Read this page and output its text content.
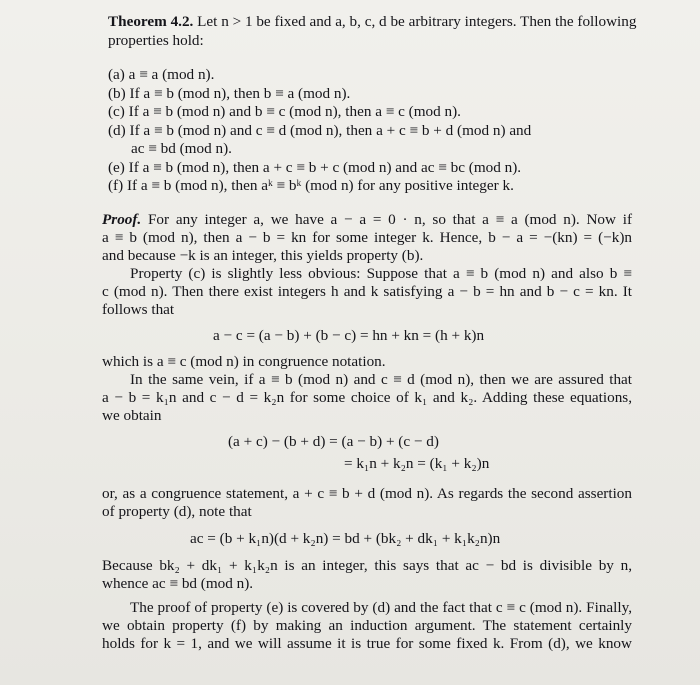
Theorem 4.2. Let n > 1 be fixed and a, b, c, d be arbitrary integers. Then the following
properties hold:
(a) a ≡ a (mod n).
(b) If a ≡ b (mod n), then b ≡ a (mod n).
(c) If a ≡ b (mod n) and b ≡ c (mod n), then a ≡ c (mod n).
(d) If a ≡ b (mod n) and c ≡ d (mod n), then a + c ≡ b + d (mod n) and
ac ≡ bd (mod n).
(e) If a ≡ b (mod n), then a + c ≡ b + c (mod n) and ac ≡ bc (mod n).
(f) If a ≡ b (mod n), then aᵏ ≡ bᵏ (mod n) for any positive integer k.
Proof. For any integer a, we have a − a = 0 · n, so that a ≡ a (mod n). Now if
a ≡ b (mod n), then a − b = kn for some integer k. Hence, b − a = −(kn) = (−k)n
and because −k is an integer, this yields property (b).
Property (c) is slightly less obvious: Suppose that a ≡ b (mod n) and also b ≡
c (mod n). Then there exist integers h and k satisfying a − b = hn and b − c = kn. It
follows that
a − c = (a − b) + (b − c) = hn + kn = (h + k)n
which is a ≡ c (mod n) in congruence notation.
In the same vein, if a ≡ b (mod n) and c ≡ d (mod n), then we are assured that
a − b = k₁n and c − d = k₂n for some choice of k₁ and k₂. Adding these equations,
we obtain
(a + c) − (b + d) = (a − b) + (c − d)
= k₁n + k₂n = (k₁ + k₂)n
or, as a congruence statement, a + c ≡ b + d (mod n). As regards the second assertion
of property (d), note that
ac = (b + k₁n)(d + k₂n) = bd + (bk₂ + dk₁ + k₁k₂n)n
Because bk₂ + dk₁ + k₁k₂n is an integer, this says that ac − bd is divisible by n,
whence ac ≡ bd (mod n).
The proof of property (e) is covered by (d) and the fact that c ≡ c (mod n). Finally,
we obtain property (f) by making an induction argument. The statement certainly
holds for k = 1, and we will assume it is true for some fixed k. From (d), we know
